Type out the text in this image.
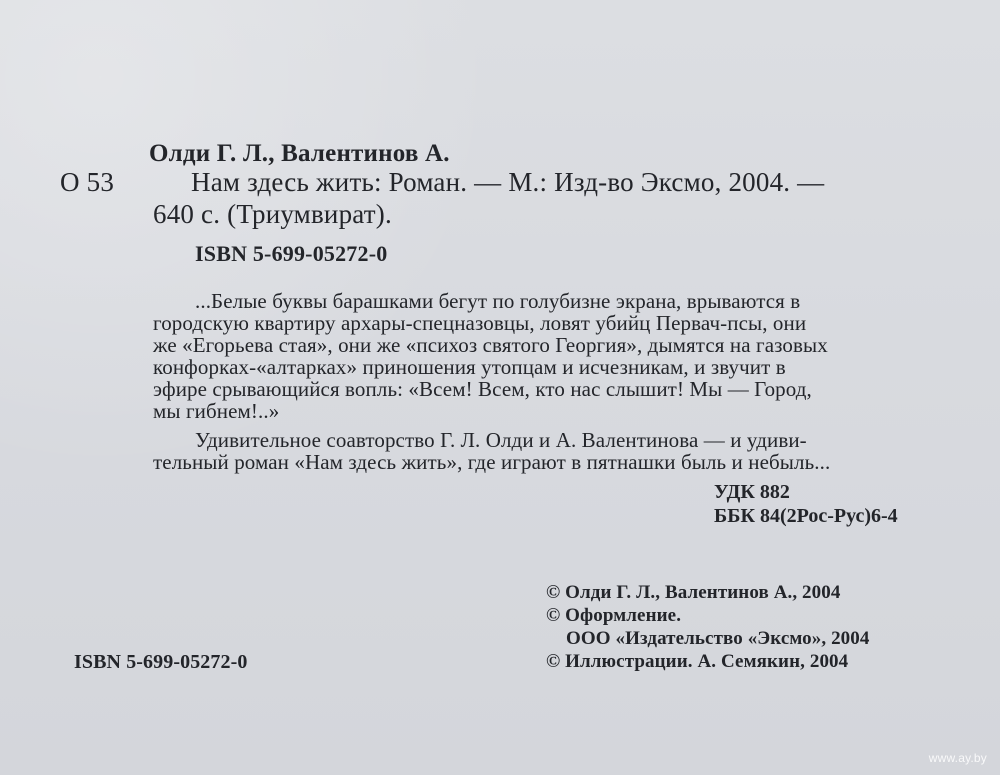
Олди Г. Л., Валентинов А.
О 53	Нам здесь жить: Роман. — М.: Изд-во Эксмо, 2004. —
640 с. (Триумвират).
ISBN 5-699-05272-0
...Белые буквы барашками бегут по голубизне экрана, врываются в
городскую квартиру архары-спецназовцы, ловят убийц Первач-псы, они
же «Егорьева стая», они же «психоз святого Георгия», дымятся на газовых
конфорках-«алтарках» приношения утопцам и исчезникам, и звучит в
эфире срывающийся вопль: «Всем! Всем, кто нас слышит! Мы — Город,
мы гибнем!..»
Удивительное соавторство Г. Л. Олди и А. Валентинова — и удиви-
тельный роман «Нам здесь жить», где играют в пятнашки быль и небыль...
УДК 882
ББК 84(2Рос-Рус)6-4
© Олди Г. Л., Валентинов А., 2004
© Оформление.
ООО «Издательство «Эксмо», 2004
© Иллюстрации. А. Семякин, 2004
ISBN 5-699-05272-0
www.ay.by
